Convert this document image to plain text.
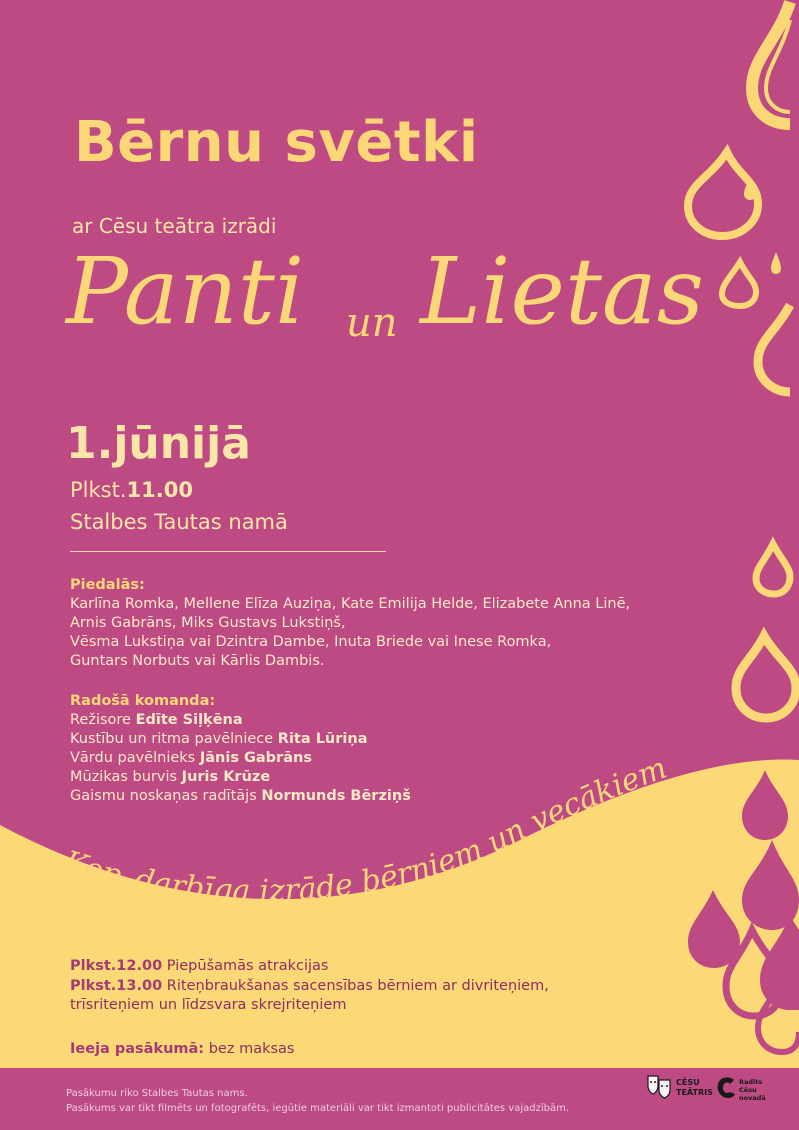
Kop–darbīga izrāde bērniem un vecākiem
Bērnu svētki
ar Cēsu teātra izrādi
Panti un Lietas
1.jūnijā
Plkst.11.00
Stalbes Tautas namā
Piedalās:
Karlīna Romka, Mellene Elīza Auziņa, Kate Emilija Helde, Elizabete Anna Linē,
Arnis Gabrāns, Miks Gustavs Lukstiņš,
Vēsma Lukstiņa vai Dzintra Dambe, Inuta Briede vai Inese Romka,
Guntars Norbuts vai Kārlis Dambis.
Radošā komanda:
Režisore Edīte Siļķēna
Kustību un ritma pavēlniece Rita Lūriņa
Vārdu pavēlnieks Jānis Gabrāns
Mūzikas burvis Juris Krūze
Gaismu noskaņas radītājs Normunds Bērziņš
Plkst.12.00 Piepūšamās atrakcijas
Plkst.13.00 Riteņbraukšanas sacensības bērniem ar divriteņiem,
trīsriteņiem un līdzsvara skrejriteņiem
Ieeja pasākumā: bez maksas
Pasākumu riko Stalbes Tautas nams.
Pasākums var tikt filmēts un fotografēts, iegūtie materiāli var tikt izmantoti publicitātes vajadzībām.
CĒSU
TEĀTRIS
Radīts
Cēsu
novadā
